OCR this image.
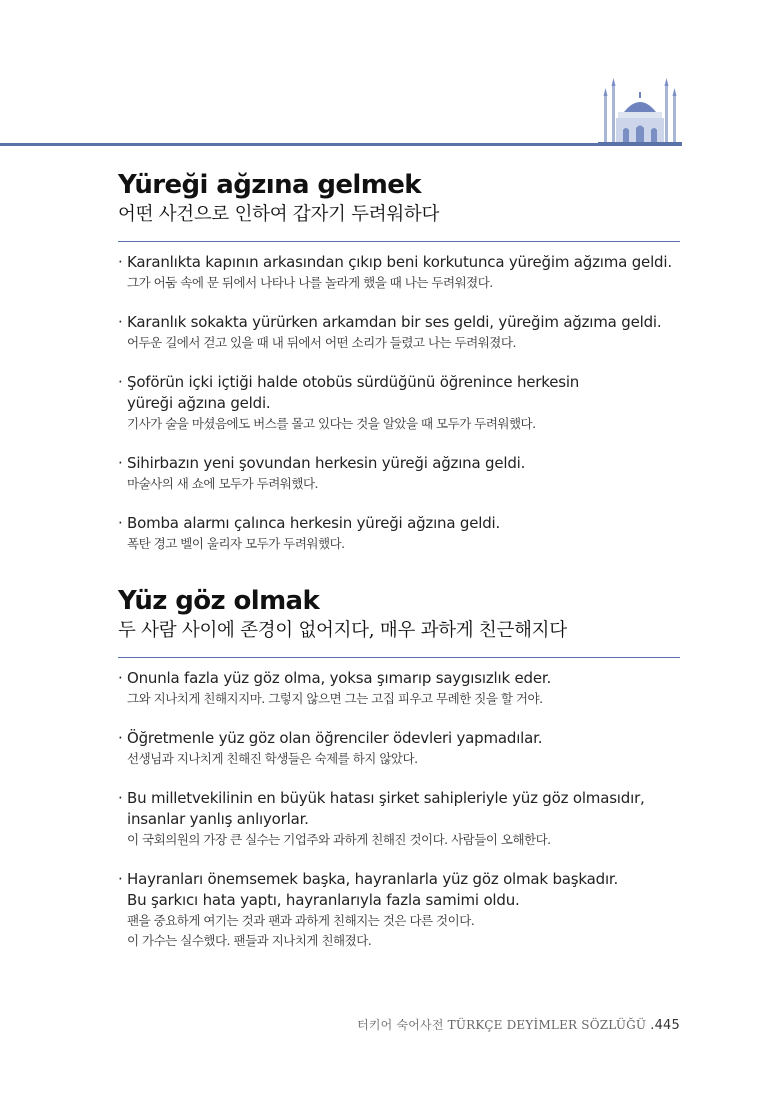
Yüreği ağzına gelmek

어떤 사건으로 인하여 갑자기 두려워하다

· Karanlıkta kapının arkasından çıkıp beni korkutunca yüreğim ağzıma geldi.
그가 어둠 속에 문 뒤에서 나타나 나를 놀라게 했을 때 나는 두려워졌다.
· Karanlık sokakta yürürken arkamdan bir ses geldi, yüreğim ağzıma geldi.
어두운 길에서 걷고 있을 때 내 뒤에서 어떤 소리가 들렸고 나는 두려워졌다.
· Şoförün içki içtiği halde otobüs sürdüğünü öğrenince herkesin
yüreği ağzına geldi.
기사가 술을 마셨음에도 버스를 몰고 있다는 것을 알았을 때 모두가 두려워했다.
· Sihirbazın yeni şovundan herkesin yüreği ağzına geldi.
마술사의 새 쇼에 모두가 두려워했다.
· Bomba alarmı çalınca herkesin yüreği ağzına geldi.
폭탄 경고 벨이 울리자 모두가 두려워했다.
Yüz göz olmak

두 사람 사이에 존경이 없어지다, 매우 과하게 친근해지다

· Onunla fazla yüz göz olma, yoksa şımarıp saygısızlık eder.
그와 지나치게 친해지지마. 그렇지 않으면 그는 고집 피우고 무례한 짓을 할 거야.
· Öğretmenle yüz göz olan öğrenciler ödevleri yapmadılar.
선생님과 지나치게 친해진 학생들은 숙제를 하지 않았다.
· Bu milletvekilinin en büyük hatası şirket sahipleriyle yüz göz olmasıdır,
insanlar yanlış anlıyorlar.
이 국회의원의 가장 큰 실수는 기업주와 과하게 친해진 것이다. 사람들이 오해한다.
· Hayranları önemsemek başka, hayranlarla yüz göz olmak başkadır.
Bu şarkıcı hata yaptı, hayranlarıyla fazla samimi oldu.
팬을 중요하게 여기는 것과 팬과 과하게 친해지는 것은 다른 것이다.
이 가수는 실수했다. 팬들과 지나치게 친해졌다.
터키어 숙어사전 TÜRKÇE DEYİMLER SÖZLÜĞÜ .445
